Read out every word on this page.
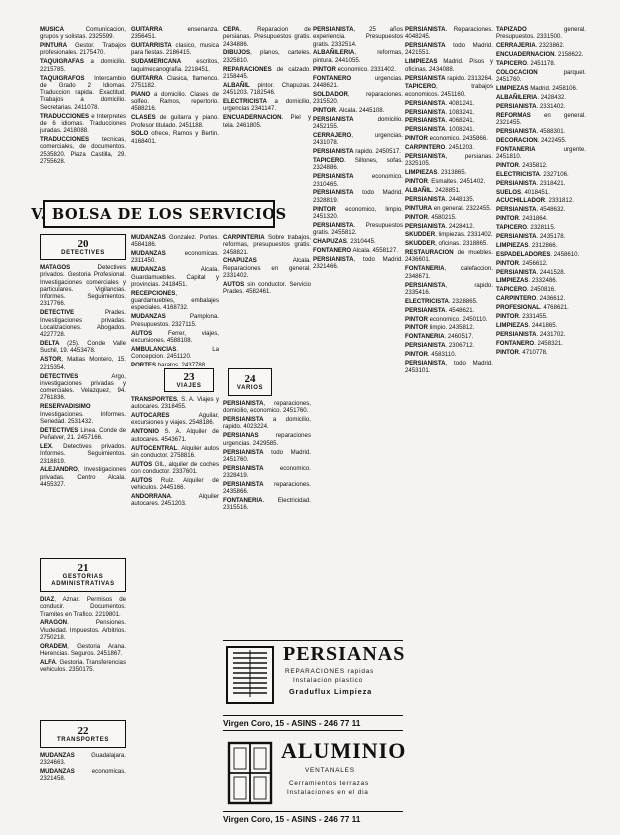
MUSICA Comunicacion, grupos y solistas. 2325599.

PINTURA Gestor. Trabajos profesionales. 2175470.

TAQUIGRAFAS a domicilio. 2215785.

TAQUIGRAFOS Intercambio de Grado 2 Idiomas. Traduccion rapida. Exactitud. Trabajos a domicilio. Secretarias. 2411078.

TRADUCCIONES e Interpretes de 6 idiomas. Traducciones juradas. 2418088.

TRADUCCIONES tecnicas, comerciales, de documentos. 2535820. Plaza Castilla, 29. 2755628.

GUITARRA ensenanza. 2356451.

GUITARRISTA clasico, musica para fiestas. 2186415.

SUDAMERICANA escritos, taquimecanografia. 2218451.

GUITARRA Clasica, flamenco. 2751182.

PIANO a domicilio. Clases de solfeo. Ramos, repertorio. 4588216.

CLASES de guitarra y piano. Profesor titulado. 2451188.

SOLO ofrece, Ramos y Bertin. 4168401.

CEPA. Reparacion de persianas. Presupuestos gratis. 2434886.

DIBUJOS, planos, carteles. 2325810.

REPARACIONES de calzado. 2158445.

ALBAÑIL pintor. Chapuzas. 2451203. 7182546.

ELECTRICISTA a domicilio, urgencias 2341147.

ENCUADERNACION. Piel y tela. 2461805.

V. BOLSA DE LOS SERVICIOS
20
DETECTIVES

MATAGOS Detectives privados. Gestoria Profesional. Investigaciones comerciales y particulares. Vigilancias. Informes. Seguimientos. 2317766.

DETECTIVE Prades. Investigaciones privadas. Localizaciones. Abogados. 4227728.

DELTA (25). Conde Valle Suchil, 19. 4453478.

ASTOR, Matias Montero, 15. 2215354.

DETECTIVES Argo, investigaciones privadas y comerciales. Velazquez, 94. 2761836.

RESERVADISIMO Investigaciones. Informes. Seriedad. 2531432.

DETECTIVES Linea. Conde de Peñalver, 21. 2457166.

LEX. Detectives privados. Informes. Seguimientos. 2318819.

ALEJANDRO, Investigaciones privadas. Centro Alcala. 4455327.

21
GESTORIAS ADMINISTRATIVAS

DIAZ, Aznar. Permisos de conducir. Documentos. Tramites en Trafico. 2219801.

ARAGON. Pensiones. Viudedad. Impuestos. Arbitrios. 2750218.

ORADEM, Gestoria Arana. Herencias. Seguros. 2451867.

ALFA. Gestoria. Transferencias vehiculos. 2350175.

22
TRANSPORTES

MUDANZAS Guadalajara. 2324663.

MUDANZAS economicas. 2321458.

MUDANZAS Gonzalez. Portes. 4584186.

MUDANZAS economicas. 2311450.

MUDANZAS Alcala. Guardamuebles. Capital y provincias. 2418451.

RECEPCIONES, guardamuebles, embalajes especiales. 4168732.

MUDANZAS Pamplona. Presupuestos. 2327115.

AUTOS Ferrer, viajes, excursiones. 4588108.

AMBULANCIAS. La Concepcion. 2451120.

PORTES baratos. 2437788.

23
VIAJES

TRANSPORTES, S. A. Viajes y autocares. 2318455.

AUTOCARES Aguilar, excursiones y viajes. 2548186.

ANTONIO S. A. Alquiler de autocares. 4543671.

AUTOCENTRAL. Alquiler autos sin conductor. 2758816.

AUTOS GIL, alquiler de coches con conductor. 2337601.

AUTOS Ruiz. Alquiler de vehiculos. 2445166.

ANDORRANA. Alquiler autocares. 2451203.

CARPINTERIA Sobre trabajos, reformas, presupuestos gratis. 2458821.

CHAPUZAS Alcala. Reparaciones en general. 2331402.

AUTOS sin conductor. Servicio Prades. 4582461.

24
VARIOS

PERSIANISTA, reparaciones, domicilio, economico. 2451760.

PERSIANISTA a domicilio, rapido. 4023224.

PERSIANAS reparaciones urgencias. 2429585.

PERSIANISTA todo Madrid. 2451760.

PERSIANISTA economico. 2328419.

PERSIANISTA reparaciones. 2435866.

FONTANERIA. Electricidad. 2315516.

PERSIANISTA, 25 años experiencia. Presupuestos gratis. 2332514.

ALBAÑILERIA, reformas, pintura. 2441055.

PINTOR economico. 2331402.

FONTANERO urgencias. 2448621.

SOLDADOR, reparaciones. 2315520.

PINTOR. Alcala. 2445108.

PERSIANISTA domicilio. 2452155.

CERRAJERO, urgencias. 2431078.

PERSIANISTA rapido. 2450517.

TAPICERO. Sillones, sofas. 2324886.

PERSIANISTA economico. 2310465.

PERSIANISTA todo Madrid. 2328819.

PINTOR economico, limpio. 2451320.

PERSIANISTA. Presupuestos gratis. 2455812.

CHAPUZAS. 2310445.

FONTANERO Alcala. 4558127.

PERSIANISTA, todo Madrid. 2321466.

PERSIANISTA. Reparaciones. 4048245.

PERSIANISTA todo Madrid. 2421551.

LIMPIEZAS Madrid. Pisos y oficinas. 2434088.

PERSIANISTA rapido. 2313264.

TAPICERO, trabajos economicos. 2451160.

PERSIANISTA. 4081241.

PERSIANISTA. 1083241.

PERSIANISTA. 4068241.

PERSIANISTA. 1008241.

PINTOR economico. 2435866.

CARPINTERO. 2451203.

PERSIANISTA, persianas. 2325105.

LIMPIEZAS. 2313865.

PINTOR. Esmaltes. 2451402.

ALBAÑIL. 2428851.

PERSIANISTA. 2448135.

PINTURA en general. 2322455.

PINTOR. 4580215.

PERSIANISTA. 2428412.

SKUDDER, limpiezas. 2331402.

SKUDDER, oficinas. 2318865.

RESTAURACION de muebles. 2436601.

FONTANERIA, calefaccion. 2348671.

PERSIANISTA, rapido. 2335416.

ELECTRICISTA. 2328865.

PERSIANISTA. 4548621.

PINTOR economico. 2450110.

PINTOR limpio. 2435812.

FONTANERIA. 2460517.

PERSIANISTA. 2306712.

PINTOR. 4583110.

PERSIANISTA, todo Madrid. 2453101.

TAPIZADO general. Presupuestos. 2331500.

CERRAJERIA. 2323862.

ENCUADERNACION. 2158622.

TAPICERO. 2451178.

COLOCACION parquet. 2451760.

LIMPIEZAS Madrid. 2458106.

ALBAÑILERIA. 2428432.

PERSIANISTA. 2331402.

REFORMAS en general. 2321455.

PERSIANISTA. 4588301.

DECORACION. 2422455.

FONTANERIA urgente. 2451810.

PINTOR. 2435812.

ELECTRICISTA. 2327106.

PERSIANISTA. 2318421.

SUELOS. 4018451.

ACUCHILLADOR. 2331812.

PERSIANISTA. 4548632.

PINTOR. 2431864.

TAPICERO. 2328115.

PERSIANISTA. 2435178.

LIMPIEZAS. 2312866.

ESPADELADORES. 2458610.

PINTOR. 2456612.

PERSIANISTA. 2441528.

LIMPIEZAS. 2332486.

TAPICERO. 2450816.

CARPINTERO. 2436612.

PROFESIONAL. 4768621.

PINTOR. 2331455.

LIMPIEZAS. 2441865.

PERSIANISTA. 2431702.

FONTANERO. 2458321.

PINTOR. 4710778.

PERSIANAS
REPARACIONES rapidas
Instalacion plastico
Graduflux Limpieza
Virgen Coro, 15 - ASINS - 246 77 11
ALUMINIO
VENTANALES
Cerramientos terrazas
Instalaciones en el dia
Virgen Coro, 15 - ASINS - 246 77 11
